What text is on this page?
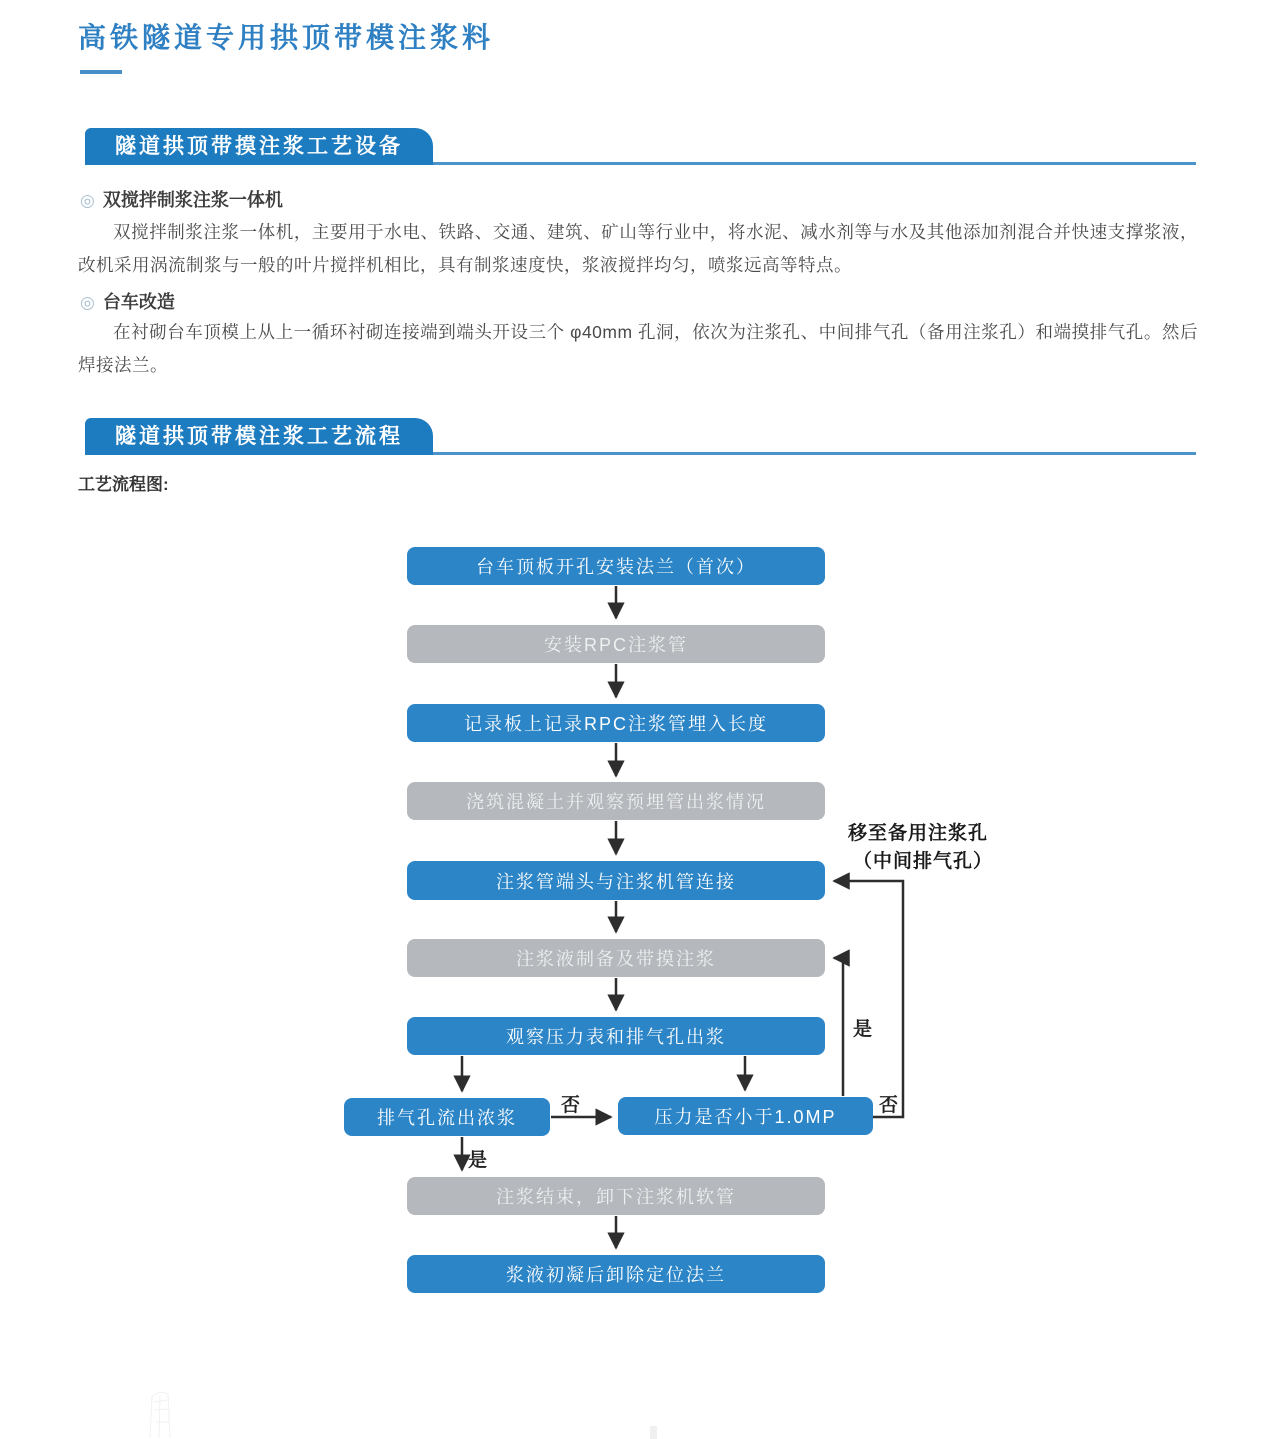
高铁隧道专用拱顶带模注浆料
隧道拱顶带摸注浆工艺设备
◎ 双搅拌制浆注浆一体机

双搅拌制浆注浆一体机，主要用于水电、铁路、交通、建筑、矿山等行业中，将水泥、减水剂等与水及其他添加剂混合并快速支撑浆液，改机采用涡流制浆与一般的叶片搅拌机相比，具有制浆速度快，浆液搅拌均匀，喷浆远高等特点。

◎ 台车改造

在衬砌台车顶模上从上一循环衬砌连接端到端头开设三个 φ40mm 孔洞，依次为注浆孔、中间排气孔（备用注浆孔）和端摸排气孔。然后焊接法兰。

隧道拱顶带模注浆工艺流程
工艺流程图:
台车顶板开孔安装法兰（首次）
安装RPC注浆管
记录板上记录RPC注浆管埋入长度
浇筑混凝土并观察预埋管出浆情况
注浆管端头与注浆机管连接
注浆液制备及带摸注浆
观察压力表和排气孔出浆
排气孔流出浓浆	压力是否小于1.0MP
注浆结束，卸下注浆机软管
浆液初凝后卸除定位法兰
否
是
是
否
移至备用注浆孔
（中间排气孔）
